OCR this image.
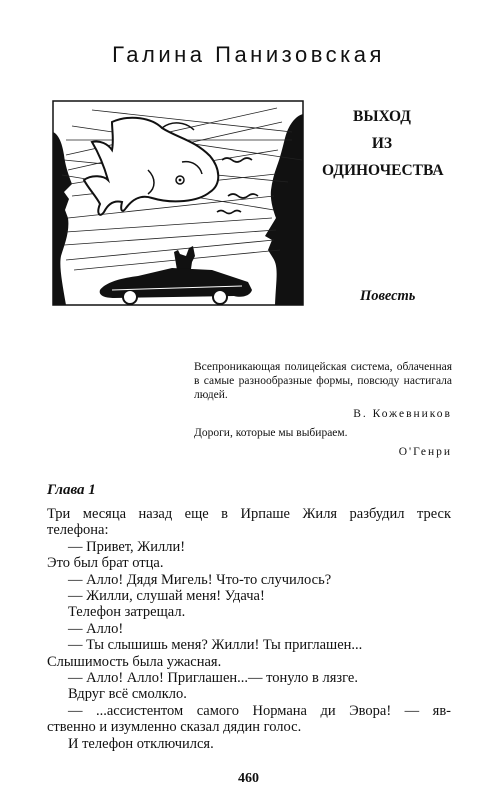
Галина Панизовская
ВЫХОД
ИЗ
ОДИНОЧЕСТВА
Повесть
Всепроникающая полицейская система, облаченная в самые разнообразные формы, повсюду настигала людей.
В. Кожевников
Дороги, которые мы выбираем.
О'Генри
Глава 1

Три месяца назад еще в Ирпаше Жиля разбудил треск

телефона:

— Привет, Жилли!

Это был брат отца.

— Алло! Дядя Мигель! Что-то случилось?

— Жилли, слушай меня! Удача!

Телефон затрещал.

— Алло!

— Ты слышишь меня? Жилли! Ты приглашен...

Слышимость была ужасная.

— Алло! Алло! Приглашен...— тонуло в лязге.

Вдруг всё смолкло.

— ...ассистентом самого Нормана ди Эвора! — яв-

ственно и изумленно сказал дядин голос.

И телефон отключился.

460
